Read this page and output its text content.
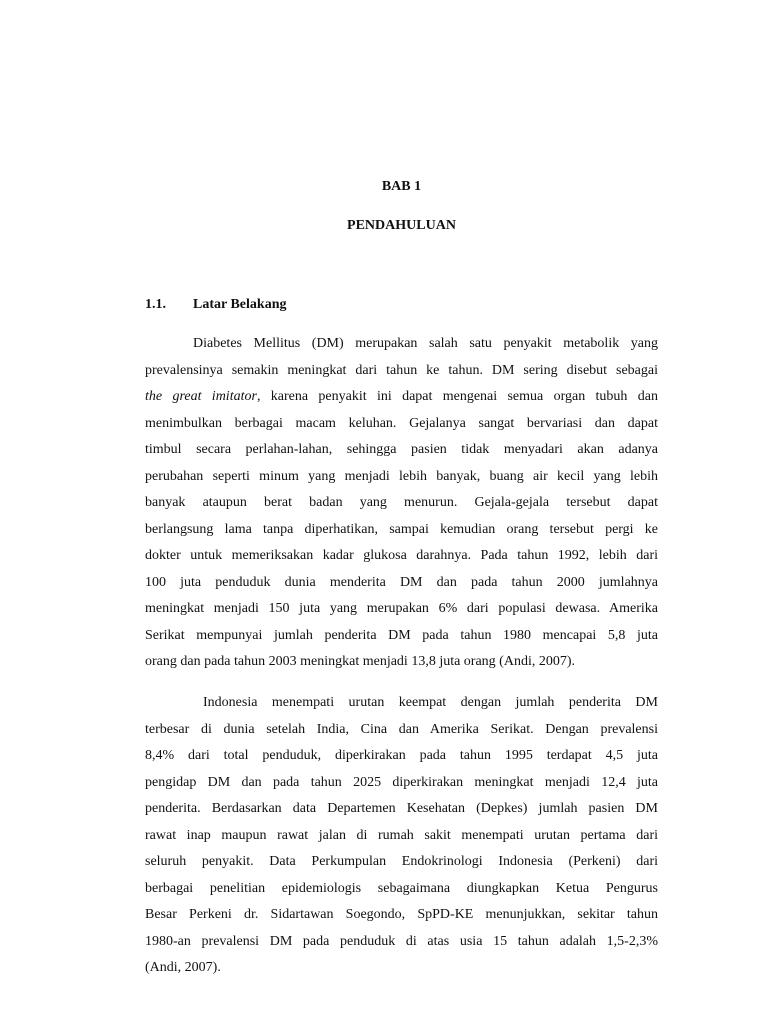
BAB 1

PENDAHULUAN

1.1. Latar Belakang
Diabetes Mellitus (DM) merupakan salah satu penyakit metabolik yang
prevalensinya semakin meningkat dari tahun ke tahun. DM sering disebut sebagai
the great imitator, karena penyakit ini dapat mengenai semua organ tubuh dan
menimbulkan berbagai macam keluhan. Gejalanya sangat bervariasi dan dapat
timbul secara perlahan-lahan, sehingga pasien tidak menyadari akan adanya
perubahan seperti minum yang menjadi lebih banyak, buang air kecil yang lebih
banyak ataupun berat badan yang menurun. Gejala-gejala tersebut dapat
berlangsung lama tanpa diperhatikan, sampai kemudian orang tersebut pergi ke
dokter untuk memeriksakan kadar glukosa darahnya. Pada tahun 1992, lebih dari
100 juta penduduk dunia menderita DM dan pada tahun 2000 jumlahnya
meningkat menjadi 150 juta yang merupakan 6% dari populasi dewasa. Amerika
Serikat mempunyai jumlah penderita DM pada tahun 1980 mencapai 5,8 juta
orang dan pada tahun 2003 meningkat menjadi 13,8 juta orang (Andi, 2007).
Indonesia menempati urutan keempat dengan jumlah penderita DM
terbesar di dunia setelah India, Cina dan Amerika Serikat. Dengan prevalensi
8,4% dari total penduduk, diperkirakan pada tahun 1995 terdapat 4,5 juta
pengidap DM dan pada tahun 2025 diperkirakan meningkat menjadi 12,4 juta
penderita. Berdasarkan data Departemen Kesehatan (Depkes) jumlah pasien DM
rawat inap maupun rawat jalan di rumah sakit menempati urutan pertama dari
seluruh penyakit. Data Perkumpulan Endokrinologi Indonesia (Perkeni) dari
berbagai penelitian epidemiologis sebagaimana diungkapkan Ketua Pengurus
Besar Perkeni dr. Sidartawan Soegondo, SpPD-KE menunjukkan, sekitar tahun
1980-an prevalensi DM pada penduduk di atas usia 15 tahun adalah 1,5-2,3%
(Andi, 2007).
